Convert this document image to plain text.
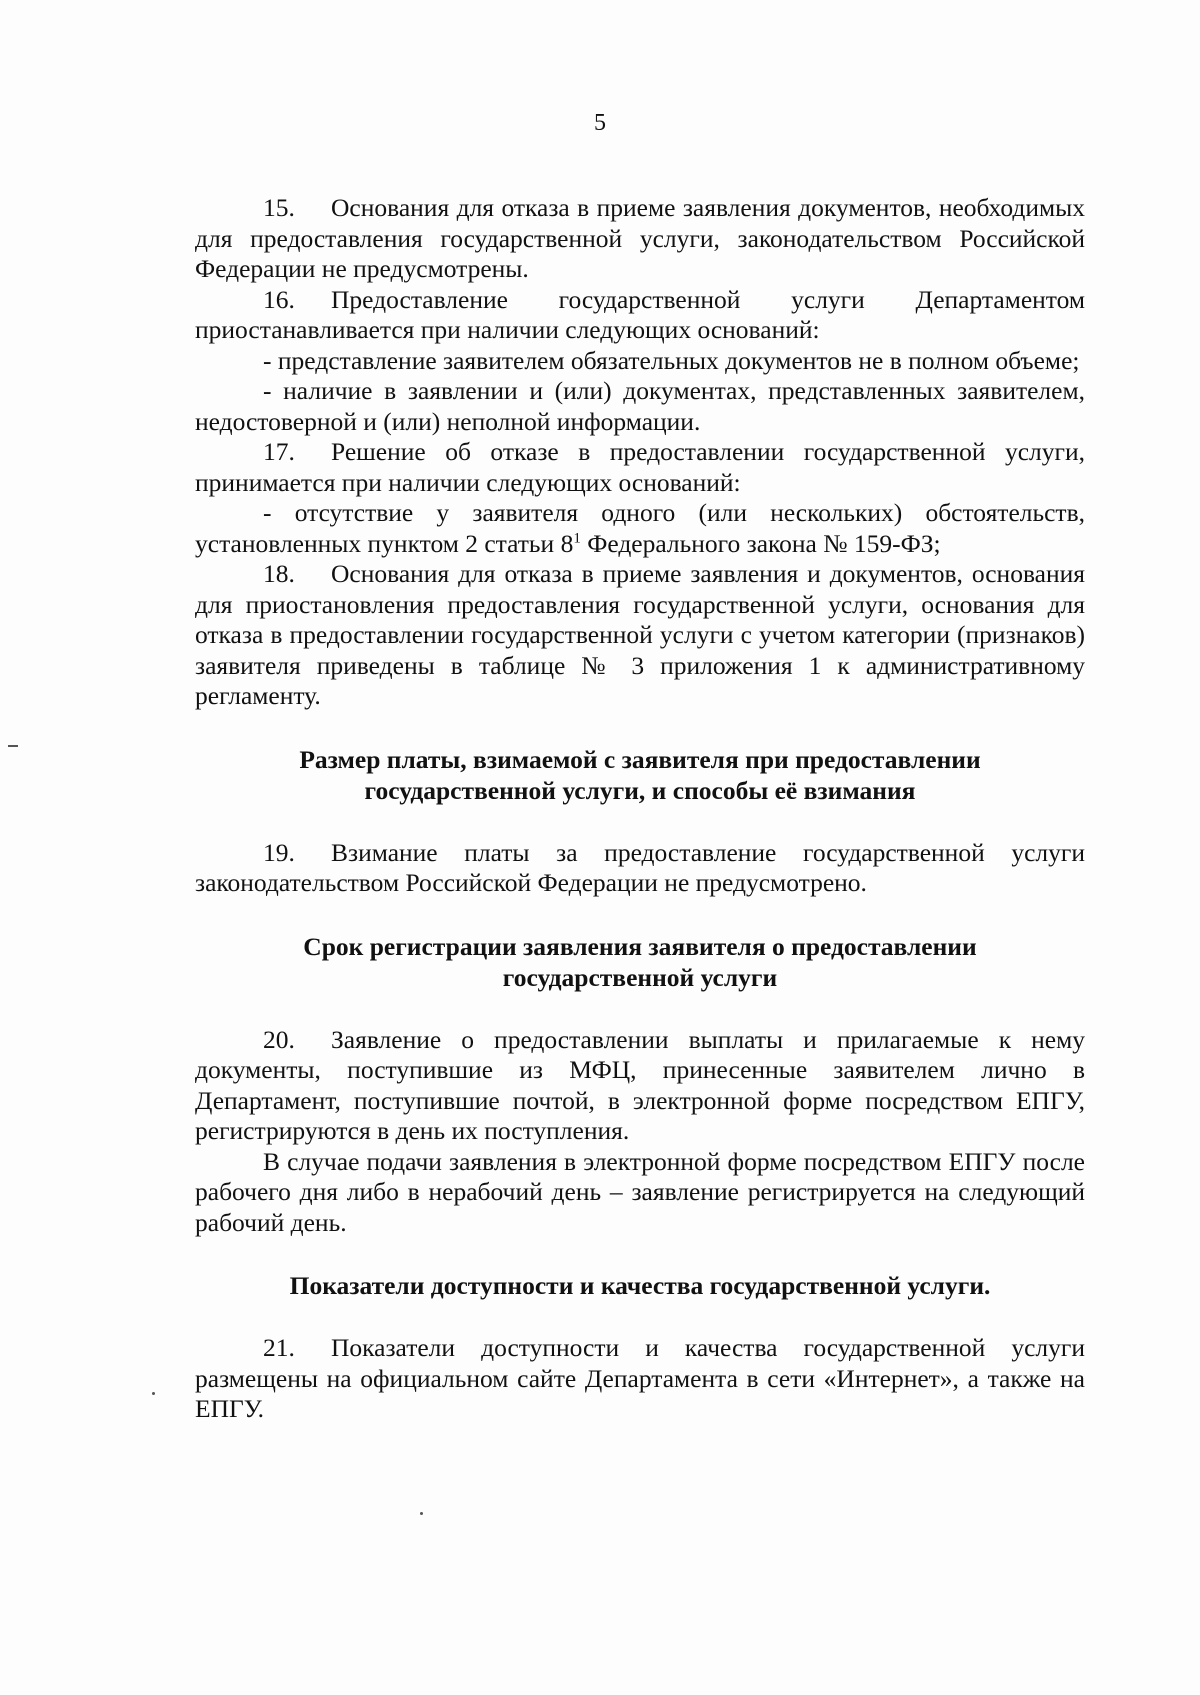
5

15. Основания для отказа в приеме заявления документов, необходимых для предоставления государственной услуги, законодательством Российской Федерации не предусмотрены.

16. Предоставление государственной услуги Департаментом приостанавливается при наличии следующих оснований:

- представление заявителем обязательных документов не в полном объеме;

- наличие в заявлении и (или) документах, представленных заявителем, недостоверной и (или) неполной информации.

17. Решение об отказе в предоставлении государственной услуги, принимается при наличии следующих оснований:

- отсутствие у заявителя одного (или нескольких) обстоятельств, установленных пунктом 2 статьи $8^1$ Федерального закона № 159-ФЗ;

18. Основания для отказа в приеме заявления и документов, основания для приостановления предоставления государственной услуги, основания для отказа в предоставлении государственной услуги с учетом категории (признаков) заявителя приведены в таблице № 3 приложения 1 к административному регламенту.

Размер платы, взимаемой с заявителя при предоставлении
государственной услуги, и способы её взимания

19. Взимание платы за предоставление государственной услуги законодательством Российской Федерации не предусмотрено.

Срок регистрации заявления заявителя о предоставлении
государственной услуги

20. Заявление о предоставлении выплаты и прилагаемые к нему документы, поступившие из МФЦ, принесенные заявителем лично в Департамент, поступившие почтой, в электронной форме посредством ЕПГУ, регистрируются в день их поступления.

В случае подачи заявления в электронной форме посредством ЕПГУ после рабочего дня либо в нерабочий день – заявление регистрируется на следующий рабочий день.

Показатели доступности и качества государственной услуги.

21. Показатели доступности и качества государственной услуги размещены на официальном сайте Департамента в сети «Интернет», а также на ЕПГУ.
